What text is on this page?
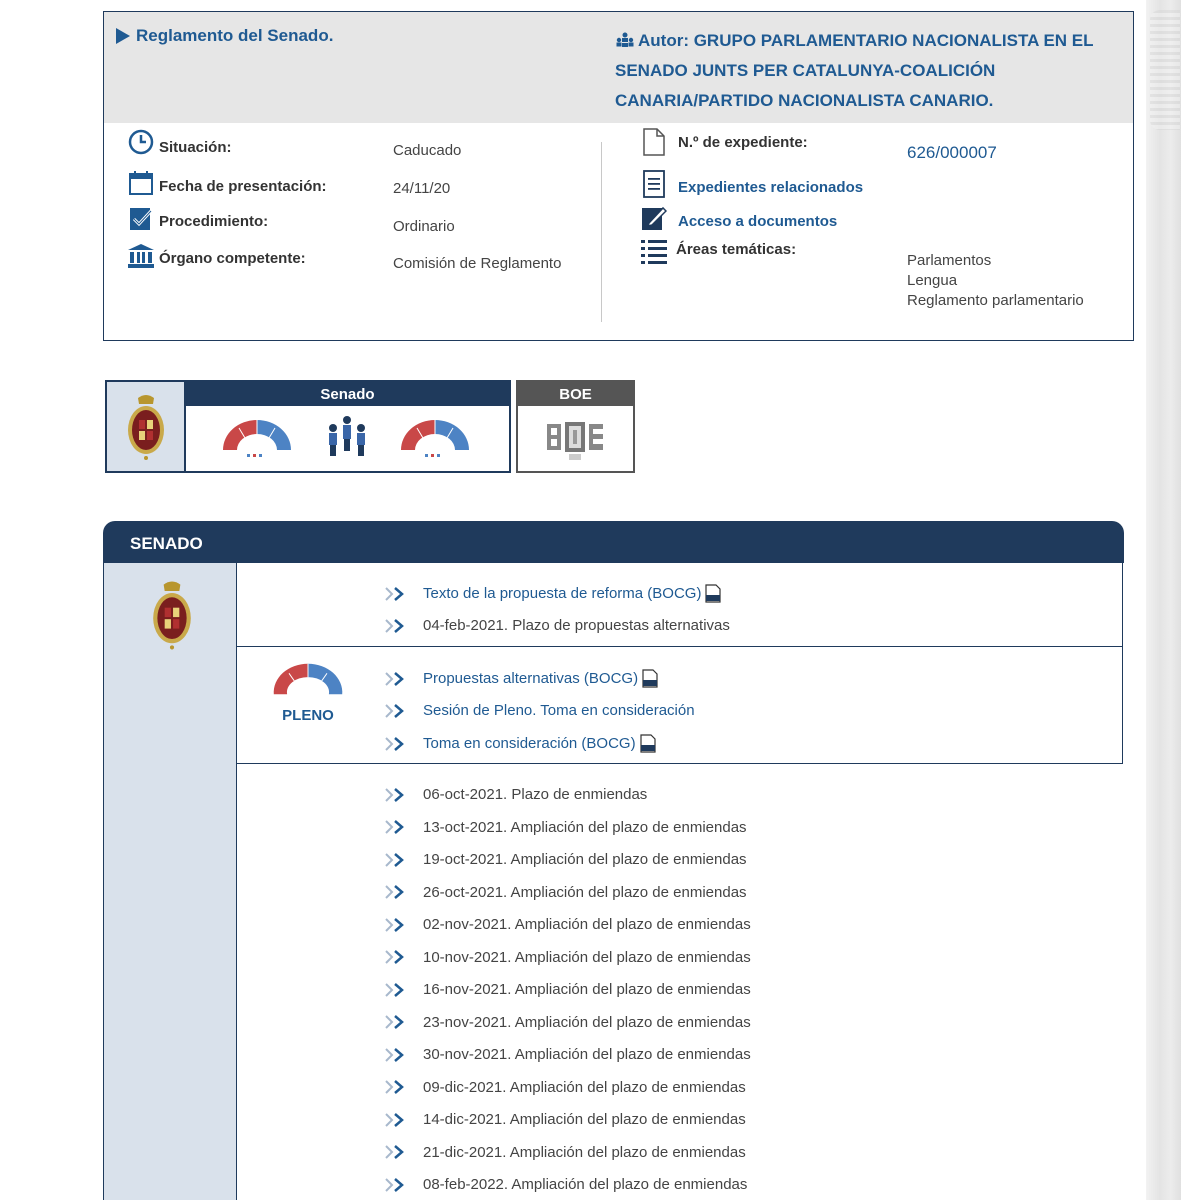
Reglamento del Senado.	Autor: GRUPO PARLAMENTARIO NACIONALISTA EN EL SENADO JUNTS PER CATALUNYA-COALICIÓN CANARIA/PARTIDO NACIONALISTA CANARIO.
Situación:	Caducado
Fecha de presentación:	24/11/20
Procedimiento:	Ordinario
Órgano competente:	Comisión de Reglamento
N.º de expediente:
626/000007
Expedientes relacionados
Acceso a documentos
Áreas temáticas:
Parlamentos
Lengua
Reglamento parlamentario
Senado	BOE
SENADO
Texto de la propuesta de reforma (BOCG)
04-feb-2021. Plazo de propuestas alternativas
PLENO
Propuestas alternativas (BOCG)
Sesión de Pleno. Toma en consideración
Toma en consideración (BOCG)
06-oct-2021. Plazo de enmiendas
13-oct-2021. Ampliación del plazo de enmiendas
19-oct-2021. Ampliación del plazo de enmiendas
26-oct-2021. Ampliación del plazo de enmiendas
02-nov-2021. Ampliación del plazo de enmiendas
10-nov-2021. Ampliación del plazo de enmiendas
16-nov-2021. Ampliación del plazo de enmiendas
23-nov-2021. Ampliación del plazo de enmiendas
30-nov-2021. Ampliación del plazo de enmiendas
09-dic-2021. Ampliación del plazo de enmiendas
14-dic-2021. Ampliación del plazo de enmiendas
21-dic-2021. Ampliación del plazo de enmiendas
08-feb-2022. Ampliación del plazo de enmiendas
